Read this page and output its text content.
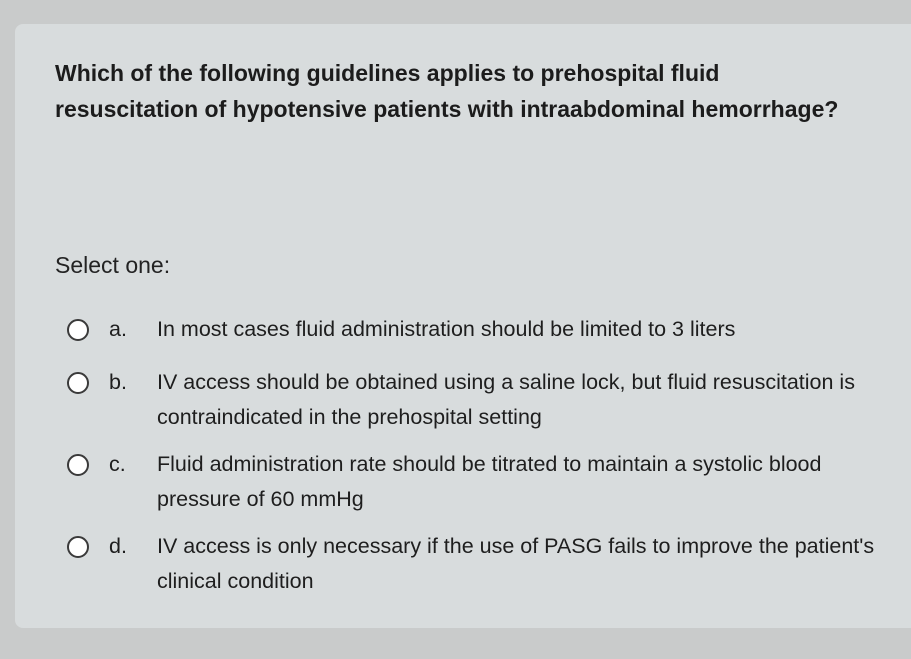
Which of the following guidelines applies to prehospital fluid resuscitation of hypotensive patients with intraabdominal hemorrhage?
Select one:
a.	In most cases fluid administration should be limited to 3 liters
b.	IV access should be obtained using a saline lock, but fluid resuscitation is contraindicated in the prehospital setting
c.	Fluid administration rate should be titrated to maintain a systolic blood pressure of 60 mmHg
d.	IV access is only necessary if the use of PASG fails to improve the patient's clinical condition
